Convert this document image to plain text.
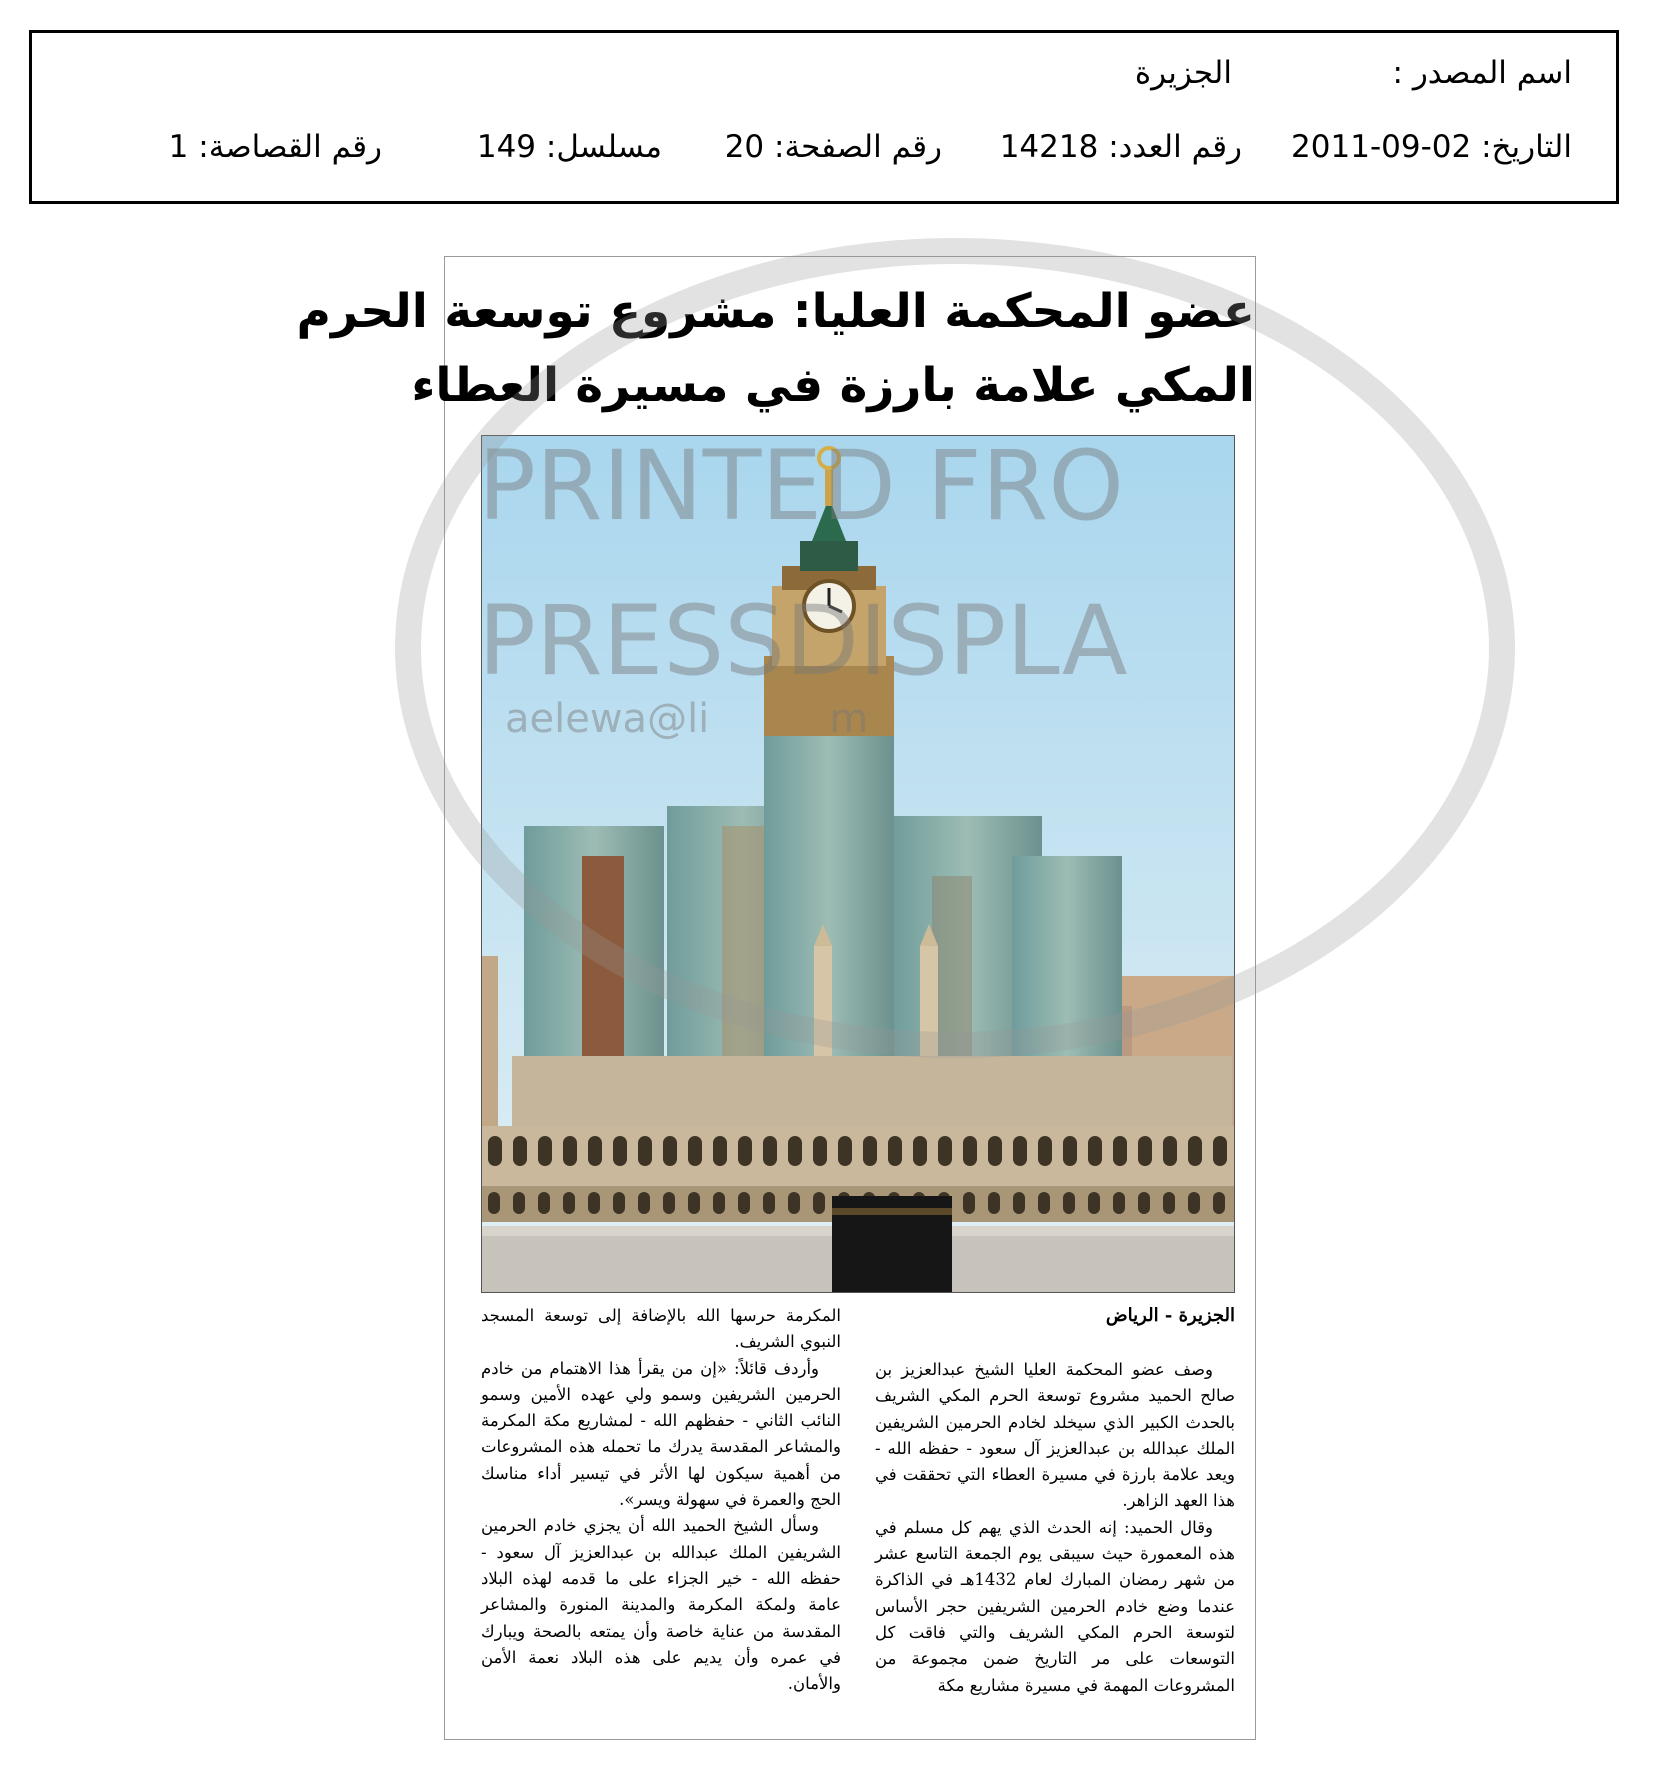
اسم المصدر :
الجزيرة
التاريخ: 2011-09-02
رقم العدد: 14218
رقم الصفحة: 20
مسلسل: 149
رقم القصاصة: 1
عضو المحكمة العليا: مشروع توسعة الحرم
المكي علامة بارزة في مسيرة العطاء
الجزيرة - الرياض

وصف عضو المحكمة العليا الشيخ عبدالعزيز بن صالح الحميد مشروع توسعة الحرم المكي الشريف بالحدث الكبير الذي سيخلد لخادم الحرمين الشريفين الملك عبدالله بن عبدالعزيز آل سعود - حفظه الله - ويعد علامة بارزة في مسيرة العطاء التي تحققت في هذا العهد الزاهر.

وقال الحميد: إنه الحدث الذي يهم كل مسلم في هذه المعمورة حيث سيبقى يوم الجمعة التاسع عشر من شهر رمضان المبارك لعام 1432هـ في الذاكرة عندما وضع خادم الحرمين الشريفين حجر الأساس لتوسعة الحرم المكي الشريف والتي فاقت كل التوسعات على مر التاريخ ضمن مجموعة من المشروعات المهمة في مسيرة مشاريع مكة

المكرمة حرسها الله بالإضافة إلى توسعة المسجد النبوي الشريف.

وأردف قائلاً: «إن من يقرأ هذا الاهتمام من خادم الحرمين الشريفين وسمو ولي عهده الأمين وسمو النائب الثاني - حفظهم الله - لمشاريع مكة المكرمة والمشاعر المقدسة يدرك ما تحمله هذه المشروعات من أهمية سيكون لها الأثر في تيسير أداء مناسك الحج والعمرة في سهولة ويسر».

وسأل الشيخ الحميد الله أن يجزي خادم الحرمين الشريفين الملك عبدالله بن عبدالعزيز آل سعود - حفظه الله - خير الجزاء على ما قدمه لهذه البلاد عامة ولمكة المكرمة والمدينة المنورة والمشاعر المقدسة من عناية خاصة وأن يمتعه بالصحة ويبارك في عمره وأن يديم على هذه البلاد نعمة الأمن والأمان.

PRINTED FRO
PRESSDISPLA
aelewa@li	m
